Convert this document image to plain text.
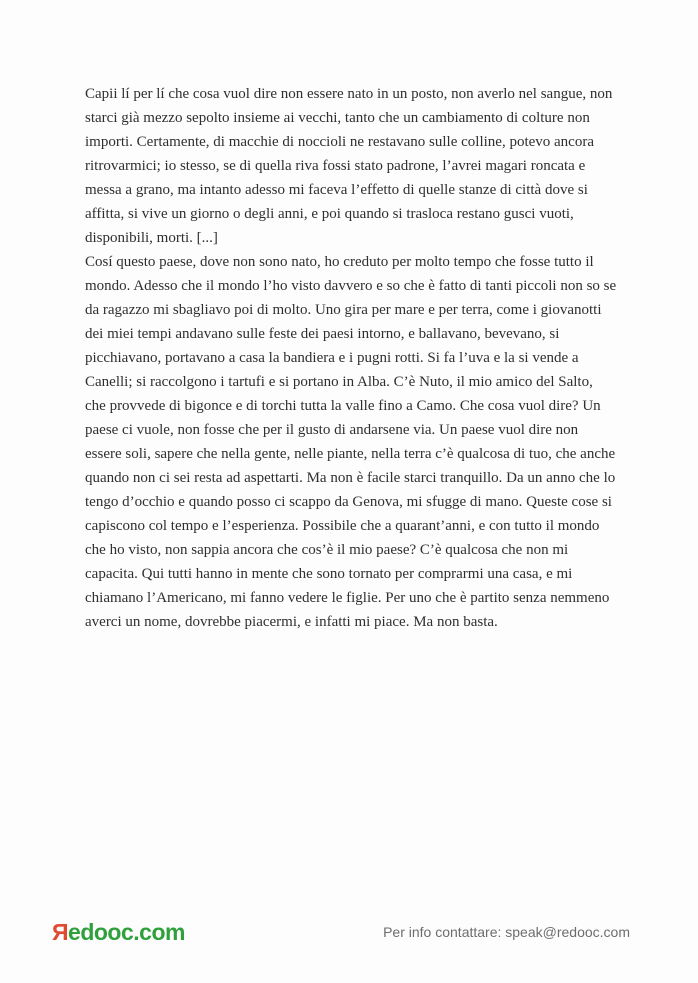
Capii lí per lí che cosa vuol dire non essere nato in un posto, non averlo nel sangue, non starci già mezzo sepolto insieme ai vecchi, tanto che un cambiamento di colture non importi. Certamente, di macchie di noccioli ne restavano sulle colline, potevo ancora ritrovarmici; io stesso, se di quella riva fossi stato padrone, l’avrei magari roncata e messa a grano, ma intanto adesso mi faceva l’effetto di quelle stanze di città dove si affitta, si vive un giorno o degli anni, e poi quando si trasloca restano gusci vuoti, disponibili, morti. [...]

Cosí questo paese, dove non sono nato, ho creduto per molto tempo che fosse tutto il mondo. Adesso che il mondo l’ho visto davvero e so che è fatto di tanti piccoli non so se da ragazzo mi sbagliavo poi di molto. Uno gira per mare e per terra, come i giovanotti dei miei tempi andavano sulle feste dei paesi intorno, e ballavano, bevevano, si picchiavano, portavano a casa la bandiera e i pugni rotti. Si fa l’uva e la si vende a Canelli; si raccolgono i tartufi e si portano in Alba. C’è Nuto, il mio amico del Salto, che provvede di bigonce e di torchi tutta la valle fino a Camo. Che cosa vuol dire? Un paese ci vuole, non fosse che per il gusto di andarsene via. Un paese vuol dire non essere soli, sapere che nella gente, nelle piante, nella terra c’è qualcosa di tuo, che anche quando non ci sei resta ad aspettarti. Ma non è facile starci tranquillo. Da un anno che lo tengo d’occhio e quando posso ci scappo da Genova, mi sfugge di mano. Queste cose si capiscono col tempo e l’esperienza. Possibile che a quarant’anni, e con tutto il mondo che ho visto, non sappia ancora che cos’è il mio paese? C’è qualcosa che non mi capacita. Qui tutti hanno in mente che sono tornato per comprarmi una casa, e mi chiamano l’Americano, mi fanno vedere le figlie. Per uno che è partito senza nemmeno averci un nome, dovrebbe piacermi, e infatti mi piace. Ma non basta.

Я edooc.com	Per info contattare: speak@redooc.com
